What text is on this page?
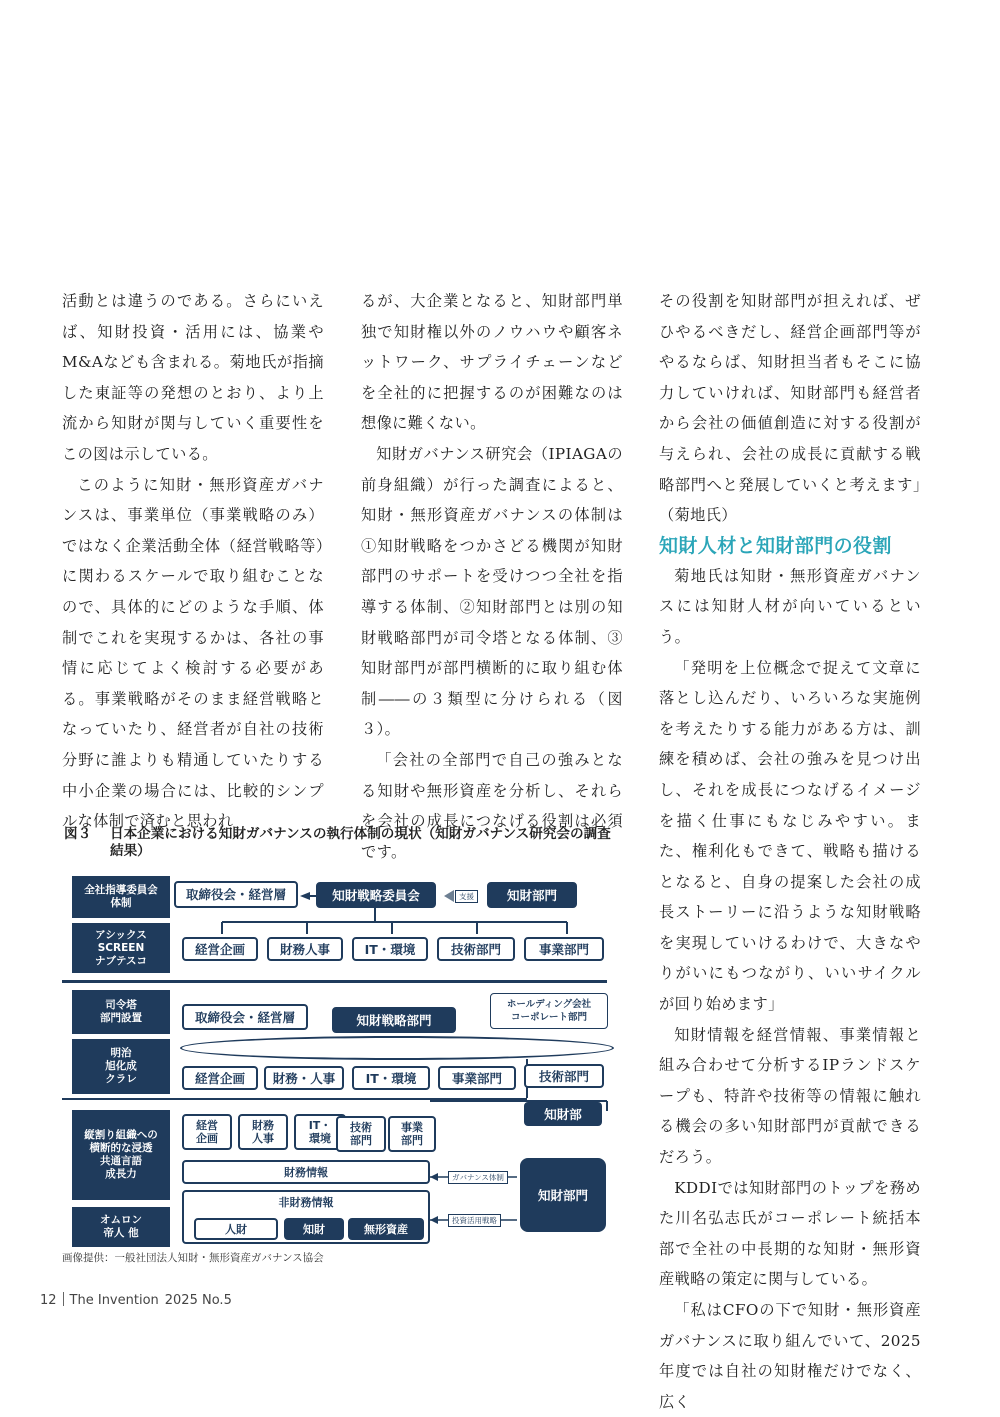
活動とは違うのである。さらにいえば、知財投資・活用には、協業やM&Aなども含まれる。菊地氏が指摘した東証等の発想のとおり、より上流から知財が関与していく重要性をこの図は示している。

このように知財・無形資産ガバナンスは、事業単位（事業戦略のみ）ではなく企業活動全体（経営戦略等）に関わるスケールで取り組むことなので、具体的にどのような手順、体制でこれを実現するかは、各社の事情に応じてよく検討する必要がある。事業戦略がそのまま経営戦略となっていたり、経営者が自社の技術分野に誰よりも精通していたりする中小企業の場合には、比較的シンプルな体制で済むと思われ

るが、大企業となると、知財部門単独で知財権以外のノウハウや顧客ネットワーク、サプライチェーンなどを全社的に把握するのが困難なのは想像に難くない。

知財ガバナンス研究会（IPIAGAの前身組織）が行った調査によると、知財・無形資産ガバナンスの体制は①知財戦略をつかさどる機関が知財部門のサポートを受けつつ全社を指導する体制、②知財部門とは別の知財戦略部門が司令塔となる体制、③知財部門が部門横断的に取り組む体制――の３類型に分けられる（図３）。

「会社の全部門で自己の強みとなる知財や無形資産を分析し、それらを会社の成長につなげる役割は必須です。

その役割を知財部門が担えれば、ぜひやるべきだし、経営企画部門等がやるならば、知財担当者もそこに協力していければ、知財部門も経営者から会社の価値創造に対する役割が与えられ、会社の成長に貢献する戦略部門へと発展していくと考えます」（菊地氏）

知財人材と知財部門の役割

菊地氏は知財・無形資産ガバナンスには知財人材が向いているという。

「発明を上位概念で捉えて文章に落とし込んだり、いろいろな実施例を考えたりする能力がある方は、訓練を積めば、会社の強みを見つけ出し、それを成長につなげるイメージを描く仕事にもなじみやすい。また、権利化もできて、戦略も描けるとなると、自身の提案した会社の成長ストーリーに沿うような知財戦略を実現していけるわけで、大きなやりがいにもつながり、いいサイクルが回り始めます」

知財情報を経営情報、事業情報と組み合わせて分析するIPランドスケープも、特許や技術等の情報に触れる機会の多い知財部門が貢献できるだろう。

KDDIでは知財部門のトップを務めた川名弘志氏がコーポレート統括本部で全社の中長期的な知財・無形資産戦略の策定に関与している。

「私はCFOの下で知財・無形資産ガバナンスに取り組んでいて、2025年度では自社の知財権だけでなく、広く

図３ 日本企業における知財ガバナンスの執行体制の現状（知財ガバナンス研究会の調査結果）
全社指導委員会
体制
アシックス
SCREEN
ナブテスコ
取締役会・経営層	知財戦略委員会	支援	知財部門
経営企画	財務人事	IT・環境	技術部門	事業部門
司令塔
部門設置
明治
旭化成
クラレ
取締役会・経営層	知財戦略部門
ホールディング会社
コーポレート部門
経営企画	財務・人事	IT・環境	事業部門	技術部門
知財部
縦割り組織への
横断的な浸透
共通言語
成長力
オムロン
帝人 他
経営
企画
財務
人事
IT・
環境
技術
部門
事業
部門
財務情報
非財務情報
人財	知財	無形資産
ガバナンス体制
投資活用戦略
知財部門
画像提供：一般社団法人知財・無形資産ガバナンス協会
12 The Invention 2025 No.5
